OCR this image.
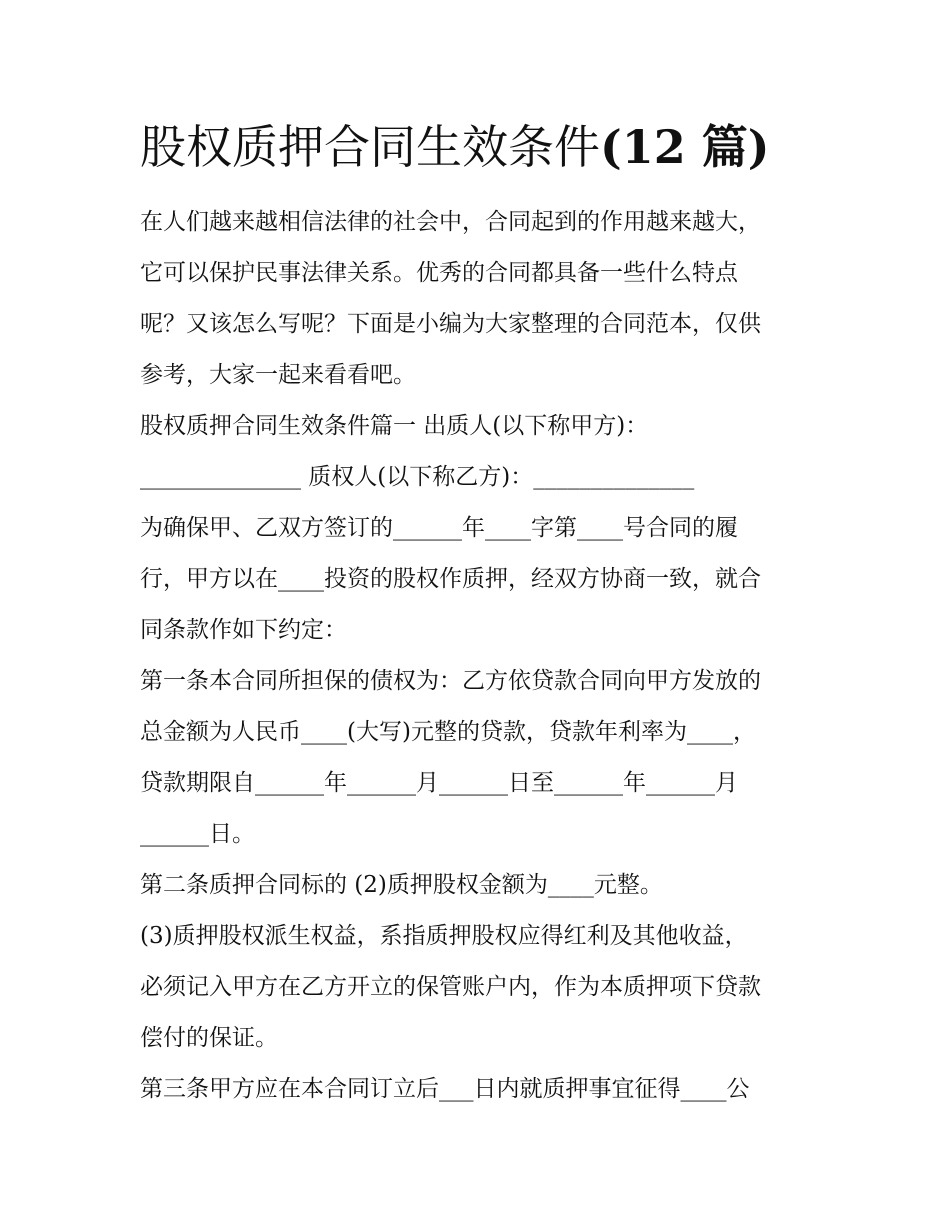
股权质押合同生效条件(12 篇)

在人们越来越相信法律的社会中，合同起到的作用越来越大，

它可以保护民事法律关系。优秀的合同都具备一些什么特点

呢？又该怎么写呢？下面是小编为大家整理的合同范本，仅供

参考，大家一起来看看吧。

股权质押合同生效条件篇一 出质人(以下称甲方)：

______________ 质权人(以下称乙方)：______________

为确保甲、乙双方签订的______年____字第____号合同的履

行，甲方以在____投资的股权作质押，经双方协商一致，就合

同条款作如下约定：

第一条本合同所担保的债权为：乙方依贷款合同向甲方发放的

总金额为人民币____(大写)元整的贷款，贷款年利率为____，

贷款期限自______年______月______日至______年______月

______日。

第二条质押合同标的 (2)质押股权金额为____元整。

(3)质押股权派生权益，系指质押股权应得红利及其他收益，

必须记入甲方在乙方开立的保管账户内，作为本质押项下贷款

偿付的保证。

第三条甲方应在本合同订立后___日内就质押事宜征得____公
